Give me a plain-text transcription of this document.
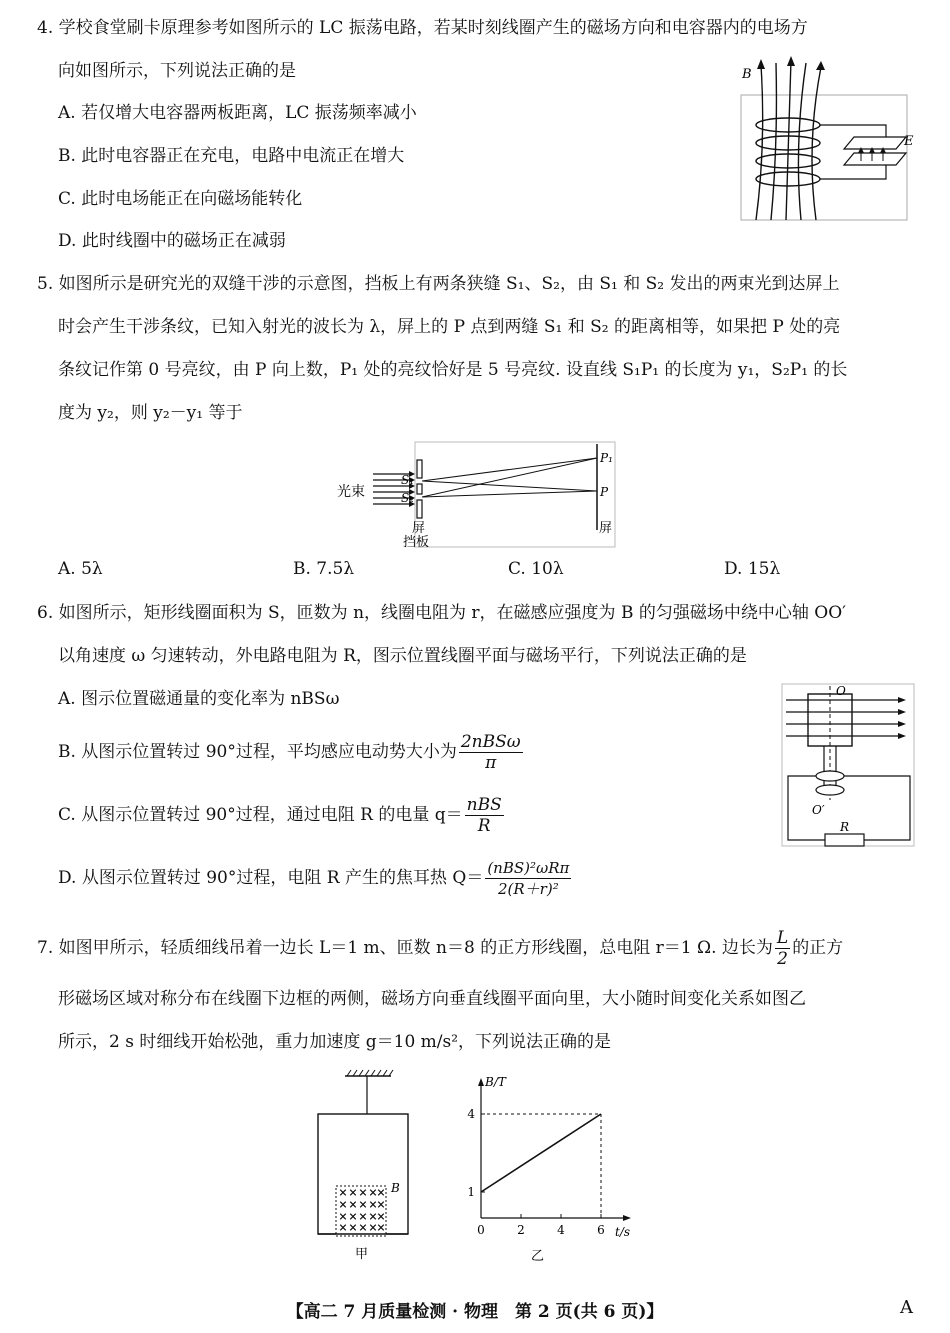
4. 学校食堂刷卡原理参考如图所示的 LC 振荡电路，若某时刻线圈产生的磁场方向和电容器内的电场方
向如图所示，下列说法正确的是
A. 若仅增大电容器两板距离，LC 振荡频率减小
B. 此时电容器正在充电，电路中电流正在增大
C. 此时电场能正在向磁场能转化
D. 此时线圈中的磁场正在减弱
B
E
5. 如图所示是研究光的双缝干涉的示意图，挡板上有两条狭缝 S₁、S₂，由 S₁ 和 S₂ 发出的两束光到达屏上
时会产生干涉条纹，已知入射光的波长为 λ，屏上的 P 点到两缝 S₁ 和 S₂ 的距离相等，如果把 P 处的亮
条纹记作第 0 号亮纹，由 P 向上数，P₁ 处的亮纹恰好是 5 号亮纹. 设直线 S₁P₁ 的长度为 y₁，S₂P₁ 的长
度为 y₂，则 y₂－y₁ 等于
光束
S₁
S₂
P₁
P
屏
挡板
屏
A. 5λ	B. 7.5λ	C. 10λ	D. 15λ
6. 如图所示，矩形线圈面积为 S，匝数为 n，线圈电阻为 r，在磁感应强度为 B 的匀强磁场中绕中心轴 OO′
以角速度 ω 匀速转动，外电路电阻为 R，图示位置线圈平面与磁场平行，下列说法正确的是
A. 图示位置磁通量的变化率为 nBSω
B. 从图示位置转过 90°过程，平均感应电动势大小为 $\frac{\text{2nBSω}}{\pi}$
C. 从图示位置转过 90°过程，通过电阻 R 的电量 $q= \frac{\text{nBS}}{R}$
D. 从图示位置转过 90°过程，电阻 R 产生的焦耳热 $Q= \frac{\text{(nBS)²ωRπ}}{\text{2(R＋r)²}}$
O
O′
R
7. 如图甲所示，轻质细线吊着一边长 L＝1 m、匝数 n＝8 的正方形线圈，总电阻 r＝1 Ω. 边长为 $\frac{L}{2}$ 的正方
形磁场区域对称分布在线圈下边框的两侧，磁场方向垂直线圈平面向里，大小随时间变化关系如图乙
所示，2 s 时细线开始松弛，重力加速度 g＝10 m/s²，下列说法正确的是
× × × ×
×
× × × ×
×
× × × ×
×
× × × ×
×
B
甲
B/T
t/s
乙
0	2	4	6
1
4
【高二 7 月质量检测 · 物理　第 2 页(共 6 页)】	A
